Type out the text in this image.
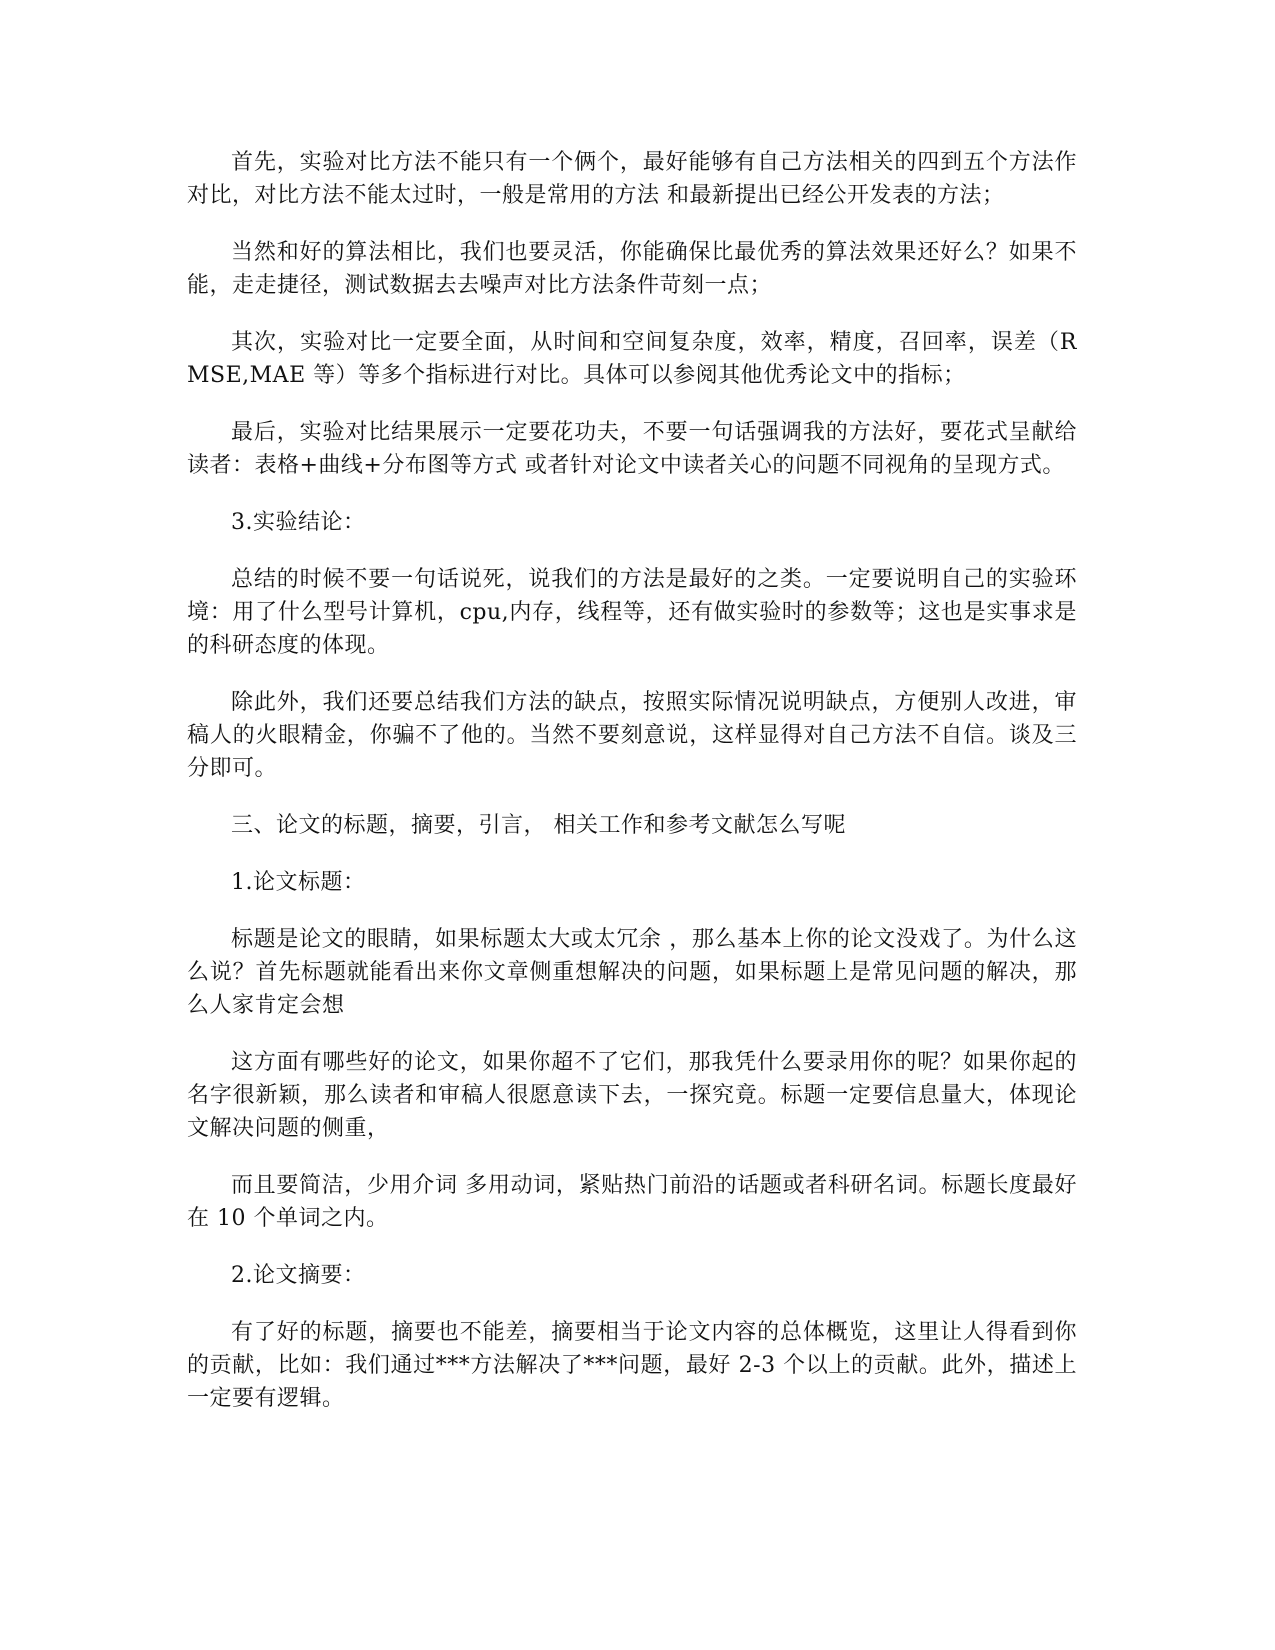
首先，实验对比方法不能只有一个俩个，最好能够有自己方法相关的四到五个方法作对比，对比方法不能太过时，一般是常用的方法 和最新提出已经公开发表的方法；

当然和好的算法相比，我们也要灵活，你能确保比最优秀的算法效果还好么？如果不能，走走捷径，测试数据去去噪声对比方法条件苛刻一点；

其次，实验对比一定要全面，从时间和空间复杂度，效率，精度，召回率，误差（RMSE,MAE 等）等多个指标进行对比。具体可以参阅其他优秀论文中的指标；

最后，实验对比结果展示一定要花功夫，不要一句话强调我的方法好，要花式呈献给读者：表格+曲线+分布图等方式 或者针对论文中读者关心的问题不同视角的呈现方式。

3.实验结论：

总结的时候不要一句话说死，说我们的方法是最好的之类。一定要说明自己的实验环境：用了什么型号计算机，cpu,内存，线程等，还有做实验时的参数等；这也是实事求是的科研态度的体现。

除此外，我们还要总结我们方法的缺点，按照实际情况说明缺点，方便别人改进，审稿人的火眼精金，你骗不了他的。当然不要刻意说，这样显得对自己方法不自信。谈及三分即可。

三、论文的标题，摘要，引言， 相关工作和参考文献怎么写呢

1.论文标题：

标题是论文的眼睛，如果标题太大或太冗余 ，那么基本上你的论文没戏了。为什么这么说？首先标题就能看出来你文章侧重想解决的问题，如果标题上是常见问题的解决，那么人家肯定会想

这方面有哪些好的论文，如果你超不了它们，那我凭什么要录用你的呢？如果你起的名字很新颖，那么读者和审稿人很愿意读下去，一探究竟。标题一定要信息量大，体现论文解决问题的侧重，

而且要简洁，少用介词 多用动词，紧贴热门前沿的话题或者科研名词。标题长度最好在 10 个单词之内。

2.论文摘要：

有了好的标题，摘要也不能差，摘要相当于论文内容的总体概览，这里让人得看到你的贡献，比如：我们通过***方法解决了***问题，最好 2-3 个以上的贡献。此外，描述上一定要有逻辑。
